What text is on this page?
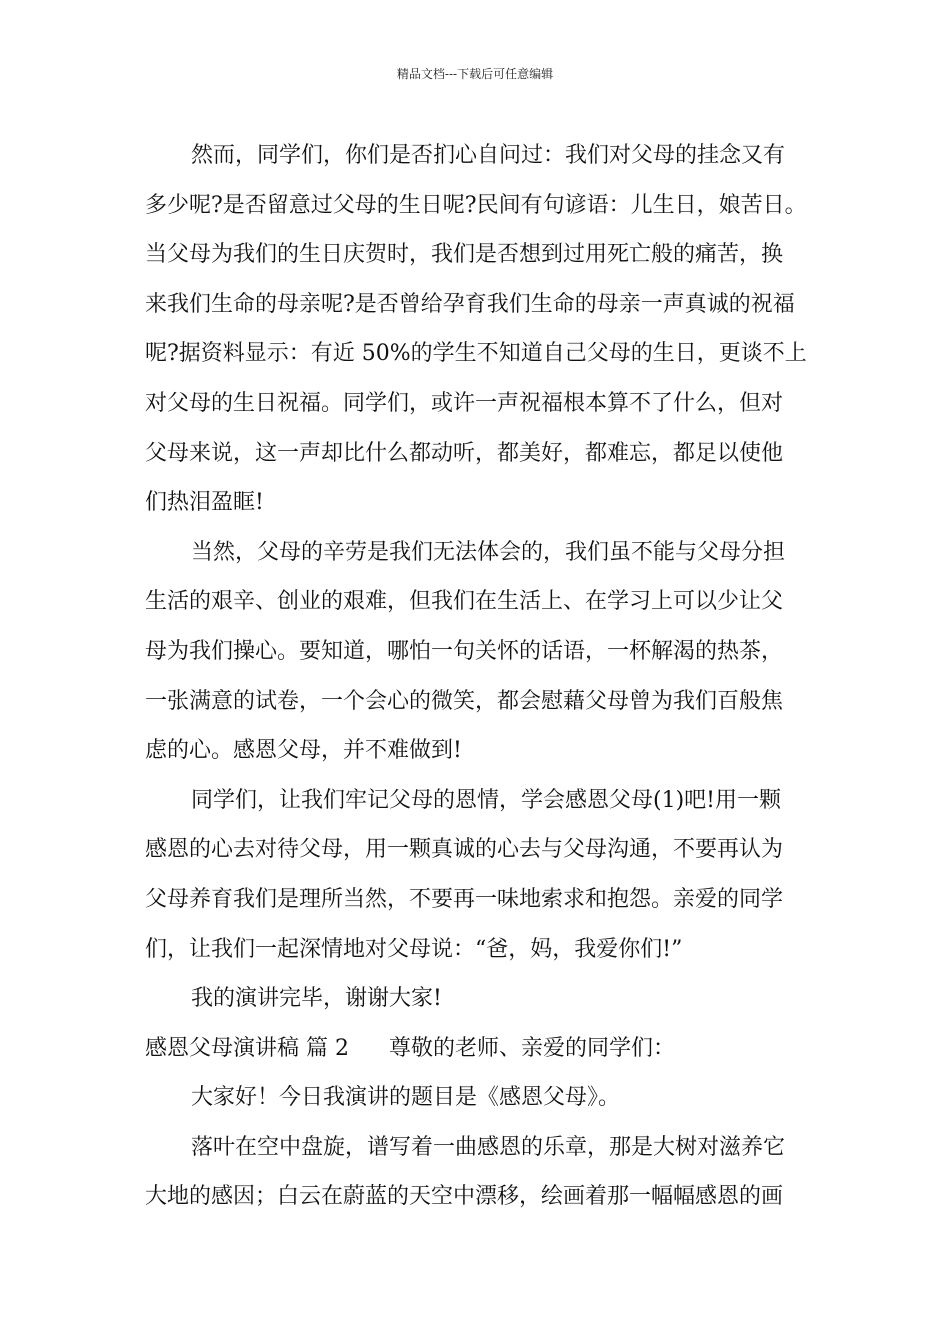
精品文档---下载后可任意编辑
然而，同学们，你们是否扪心自问过：我们对父母的挂念又有
多少呢?是否留意过父母的生日呢?民间有句谚语：儿生日，娘苦日。
当父母为我们的生日庆贺时，我们是否想到过用死亡般的痛苦，换
来我们生命的母亲呢?是否曾给孕育我们生命的母亲一声真诚的祝福
呢?据资料显示：有近 50%的学生不知道自己父母的生日，更谈不上
对父母的生日祝福。同学们，或许一声祝福根本算不了什么，但对
父母来说，这一声却比什么都动听，都美好，都难忘，都足以使他
们热泪盈眶!
当然，父母的辛劳是我们无法体会的，我们虽不能与父母分担
生活的艰辛、创业的艰难，但我们在生活上、在学习上可以少让父
母为我们操心。要知道，哪怕一句关怀的话语，一杯解渴的热茶，
一张满意的试卷，一个会心的微笑，都会慰藉父母曾为我们百般焦
虑的心。感恩父母，并不难做到!
同学们，让我们牢记父母的恩情，学会感恩父母(1)吧!用一颗
感恩的心去对待父母，用一颗真诚的心去与父母沟通，不要再认为
父母养育我们是理所当然，不要再一味地索求和抱怨。亲爱的同学
们，让我们一起深情地对父母说：“爸，妈，我爱你们!”
我的演讲完毕，谢谢大家!
感恩父母演讲稿 篇 2 尊敬的老师、亲爱的同学们：
大家好！今日我演讲的题目是《感恩父母》。
落叶在空中盘旋，谱写着一曲感恩的乐章，那是大树对滋养它
大地的感因；白云在蔚蓝的天空中漂移，绘画着那一幅幅感恩的画
